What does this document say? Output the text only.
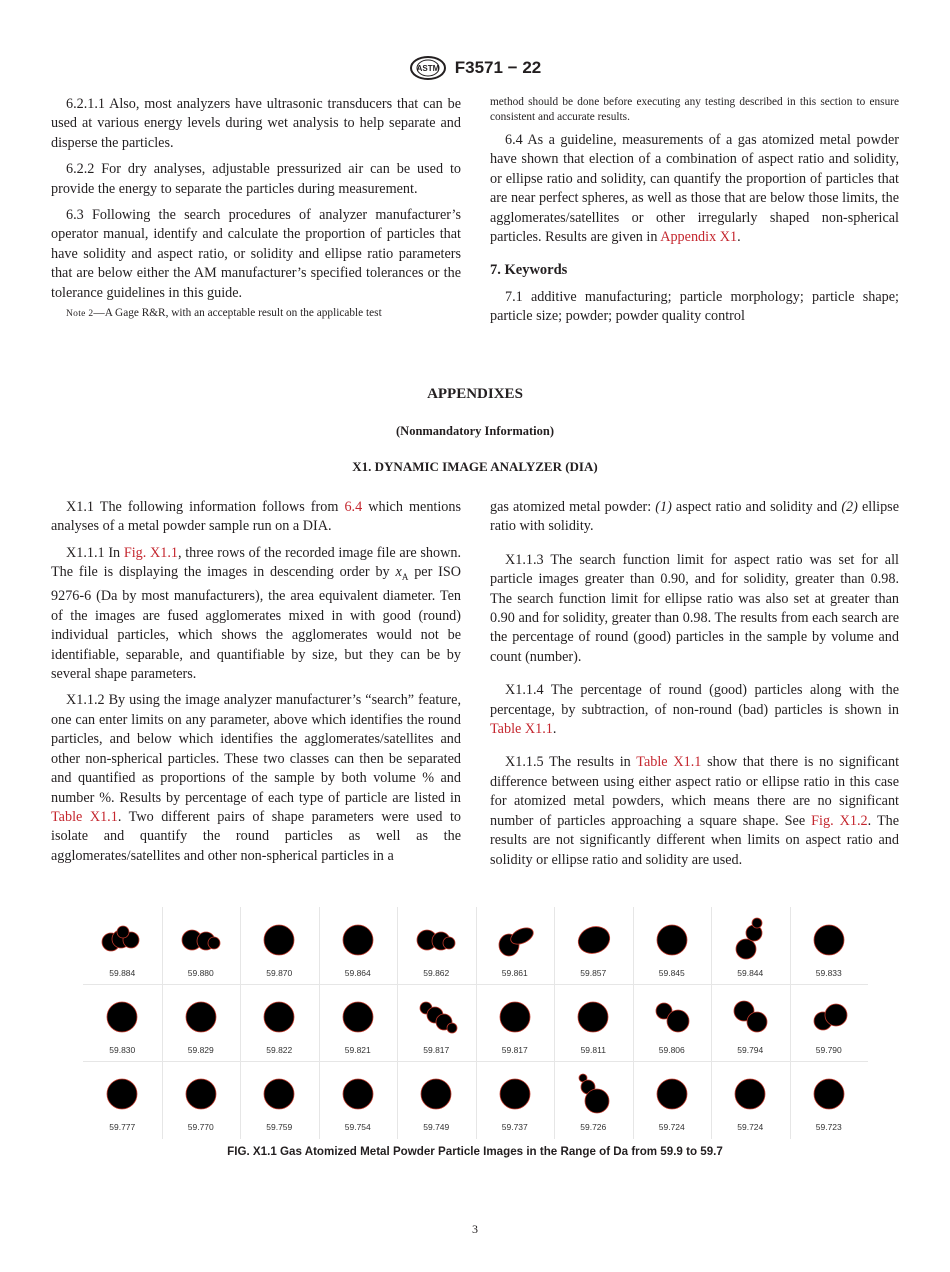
ASTM F3571 − 22

6.2.1.1 Also, most analyzers have ultrasonic transducers that can be used at various energy levels during wet analysis to help separate and disperse the particles.

6.2.2 For dry analyses, adjustable pressurized air can be used to provide the energy to separate the particles during measurement.

6.3 Following the search procedures of analyzer manufacturer’s operator manual, identify and calculate the proportion of particles that have solidity and aspect ratio, or solidity and ellipse ratio parameters that are below either the AM manufacturer’s specified tolerances or the tolerance guidelines in this guide.

Note 2—A Gage R&R, with an acceptable result on the applicable test
method should be done before executing any testing described in this section to ensure consistent and accurate results.

6.4 As a guideline, measurements of a gas atomized metal powder have shown that election of a combination of aspect ratio and solidity, or ellipse ratio and solidity, can quantify the proportion of particles that are near perfect spheres, as well as those that are below those limits, the agglomerates/satellites or other irregularly shaped non-spherical particles. Results are given in Appendix X1.

7. Keywords

7.1 additive manufacturing; particle morphology; particle shape; particle size; powder; powder quality control

APPENDIXES
(Nonmandatory Information)
X1. DYNAMIC IMAGE ANALYZER (DIA)

X1.1 The following information follows from 6.4 which mentions analyses of a metal powder sample run on a DIA.

X1.1.1 In Fig. X1.1, three rows of the recorded image file are shown. The file is displaying the images in descending order by $x_A$ per ISO 9276-6 (Da by most manufacturers), the area equivalent diameter. Ten of the images are fused agglomerates mixed in with good (round) individual particles, which shows the agglomerates would not be identifiable, separable, and quantifiable by size, but they can be by several shape parameters.

X1.1.2 By using the image analyzer manufacturer’s “search” feature, one can enter limits on any parameter, above which identifies the round particles, and below which identifies the agglomerates/satellites and other non-spherical particles. These two classes can then be separated and quantified as proportions of the sample by both volume % and number %. Results by percentage of each type of particle are listed in Table X1.1. Two different pairs of shape parameters were used to isolate and quantify the round particles as well as the agglomerates/satellites and other non-spherical particles in a

gas atomized metal powder: (1) aspect ratio and solidity and (2) ellipse ratio with solidity.

X1.1.3 The search function limit for aspect ratio was set for all particle images greater than 0.90, and for solidity, greater than 0.98. The search function limit for ellipse ratio was also set at greater than 0.90 and for solidity, greater than 0.98. The results from each search are the percentage of round (good) particles in the sample by volume and count (number).

X1.1.4 The percentage of round (good) particles along with the percentage, by subtraction, of non-round (bad) particles is shown in Table X1.1.

X1.1.5 The results in Table X1.1 show that there is no significant difference between using either aspect ratio or ellipse ratio in this case for atomized metal powders, which means there are no significant number of particles approaching a square shape. See Fig. X1.2. The results are not significantly different when limits on aspect ratio and solidity or ellipse ratio and solidity are used.

59.884	59.880	59.870	59.864	59.862	59.861	59.857	59.845	59.844	59.833
59.830	59.829	59.822	59.821	59.817	59.817	59.811	59.806	59.794	59.790
59.777	59.770	59.759	59.754	59.749	59.737	59.726	59.724	59.724	59.723
FIG. X1.1 Gas Atomized Metal Powder Particle Images in the Range of Da from 59.9 to 59.7
3
